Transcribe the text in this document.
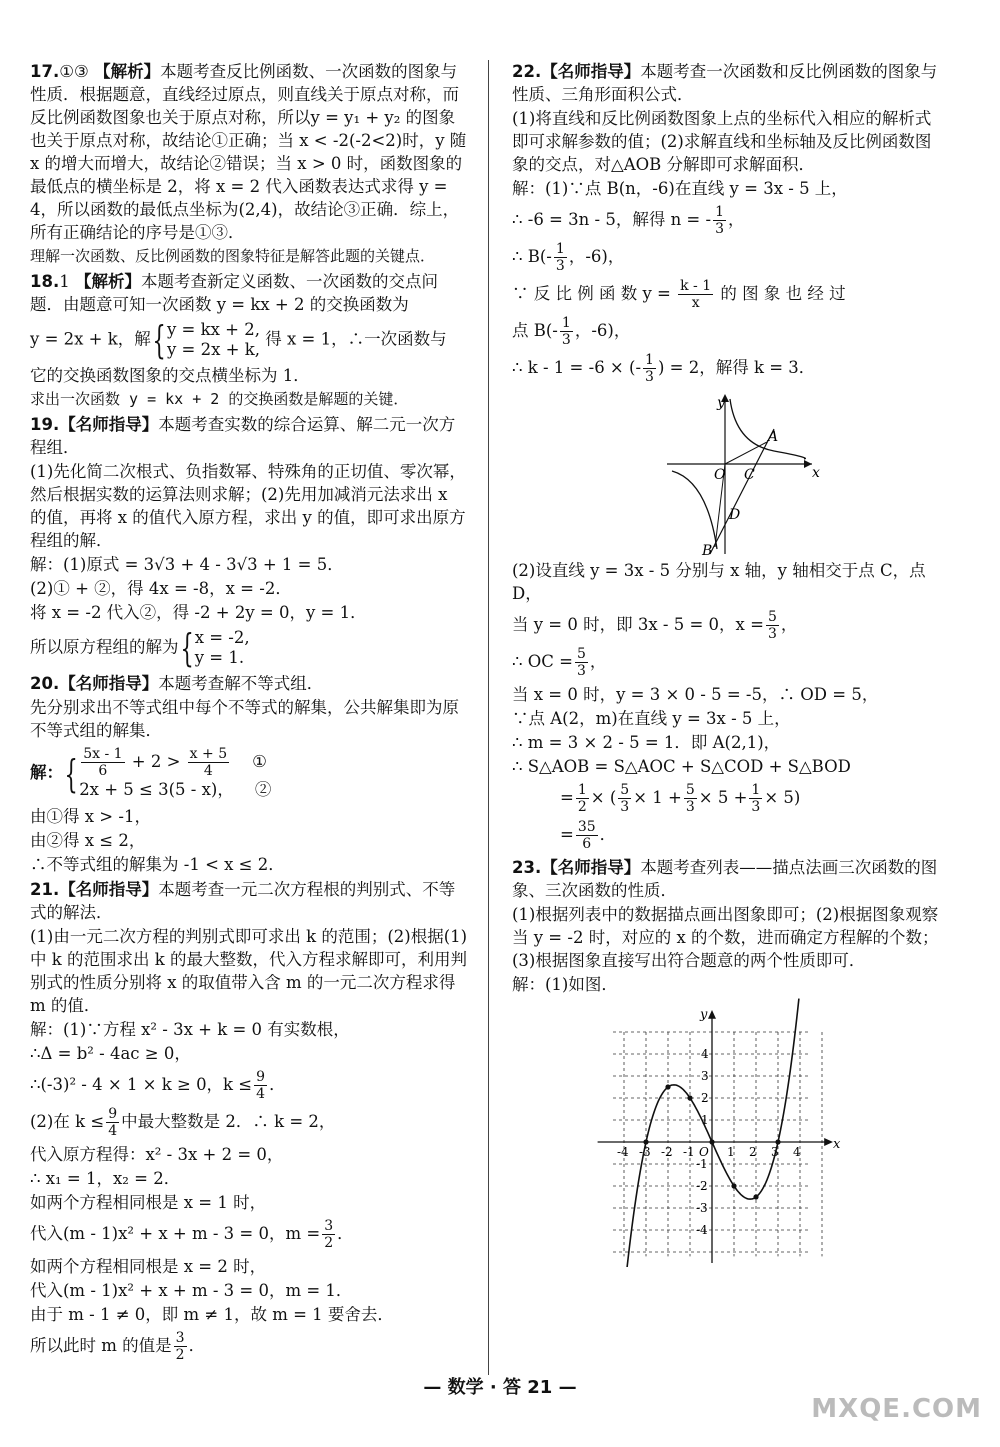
17.①③ 【解析】本题考查反比例函数、一次函数的图象与性质．根据题意，直线经过原点，则直线关于原点对称，而反比例函数图象也关于原点对称，所以y = y₁ + y₂ 的图象也关于原点对称，故结论①正确；当 x < -2(-2<2)时，y 随 x 的增大而增大，故结论②错误；当 x > 0 时，函数图象的最低点的横坐标是 2，将 x = 2 代入函数表达式求得 y = 4，所以函数的最低点坐标为(2,4)，故结论③正确．综上，所有正确结论的序号是①③．
理解一次函数、反比例函数的图象特征是解答此题的关键点．
18.1 【解析】本题考查新定义函数、一次函数的交点问题．由题意可知一次函数 y = kx + 2 的交换函数为
y = 2x + k，解{ y = kx + 2,
y = 2x + k,
得 x = 1，∴一次函数与
它的交换函数图象的交点横坐标为 1．
求出一次函数 y = kx + 2 的交换函数是解题的关键．
19.【名师指导】本题考查实数的综合运算、解二元一次方程组．
(1)先化简二次根式、负指数幂、特殊角的正切值、零次幂，然后根据实数的运算法则求解；(2)先用加减消元法求出 x 的值，再将 x 的值代入原方程，求出 y 的值，即可求出原方程组的解．
解：(1)原式 = 3√3 + 4 - 3√3 + 1 = 5．
(2)① + ②，得 4x = -8，x = -2．
将 x = -2 代入②，得 -2 + 2y = 0，y = 1．
所以原方程组的解为{ x = -2,
y = 1.
20.【名师指导】本题考查解不等式组．
先分别求出不等式组中每个不等式的解集，公共解集即为原不等式组的解集．
解：{ $\frac{5x - 1}{6} + 2 > \frac{x + 5}{4}$ ①
2x + 5 ≤ 3(5 - x)， ②
由①得 x > -1，
由②得 x ≤ 2，
∴不等式组的解集为 -1 < x ≤ 2．
21.【名师指导】本题考查一元二次方程根的判别式、不等式的解法．
(1)由一元二次方程的判别式即可求出 k 的范围；(2)根据(1)中 k 的范围求出 k 的最大整数，代入方程求解即可，利用判别式的性质分别将 x 的取值带入含 m 的一元二次方程求得 m 的值．
解：(1)∵方程 x² - 3x + k = 0 有实数根，
∴Δ = b² - 4ac ≥ 0，
∴(-3)² - 4 × 1 × k ≥ 0，$k \le \frac{9}{4}$ ．
(2)在 $k \le \frac{9}{4}$ 中最大整数是 2．∴ k = 2，
代入原方程得：x² - 3x + 2 = 0，
∴ x₁ = 1，x₂ = 2．
如两个方程相同根是 x = 1 时，
代入(m - 1)x² + x + m - 3 = 0，$m = \frac{3}{2}$ ．
如两个方程相同根是 x = 2 时，
代入(m - 1)x² + x + m - 3 = 0，m = 1．
由于 m - 1 ≠ 0，即 m ≠ 1，故 m = 1 要舍去．
所以此时 m 的值是 $\frac{3}{2}$ ．
22.【名师指导】本题考查一次函数和反比例函数的图象与性质、三角形面积公式．
(1)将直线和反比例函数图象上点的坐标代入相应的解析式即可求解参数的值；(2)求解直线和坐标轴及反比例函数图象的交点，对△AOB 分解即可求解面积．
解：(1)∵点 B(n，-6)在直线 y = 3x - 5 上，
∴ -6 = 3n - 5，解得 n = - $\frac{1}{3}$ ，
∴ $B(- \frac{1}{3}$ ，-6)，
∵ 反 比 例 函 数 $y = \frac{k - 1}{x}$ 的 图 象 也 经 过
点 $B(- \frac{1}{3}$ ，-6)，
∴ k - 1 = -6 × (- $\frac{1}{3}$ ) = 2，解得 k = 3．
y
x
A
O C
D
B
(2)设直线 y = 3x - 5 分别与 x 轴，y 轴相交于点 C，点 D，
当 y = 0 时，即 3x - 5 = 0，$x = \frac{5}{3}$ ，
∴ OC = $\frac{5}{3}$ ，
当 x = 0 时，y = 3 × 0 - 5 = -5，∴ OD = 5，
∵点 A(2，m)在直线 y = 3x - 5 上，
∴ m = 3 × 2 - 5 = 1．即 A(2,1)，
∴ S△AOB = S△AOC + S△COD + S△BOD
= $\frac{1}{2}$ × ( $\frac{5}{3} \times 1 + \frac{5}{3} \times 5 + \frac{1}{3} \times 5$)
= $\frac{35}{6}$ ．
23.【名师指导】本题考查列表——描点法画三次函数的图象、三次函数的性质．
(1)根据列表中的数据描点画出图象即可；(2)根据图象观察当 y = -2 时，对应的 x 的个数，进而确定方程解的个数；(3)根据图象直接写出符合题意的两个性质即可．
解：(1)如图．
x
y
O
-4 -3 -2 -1	1 2 3 4
4
3
2
1
-1
-2
-3
-4
— 数学 · 答 21 —
MXQE.COM
